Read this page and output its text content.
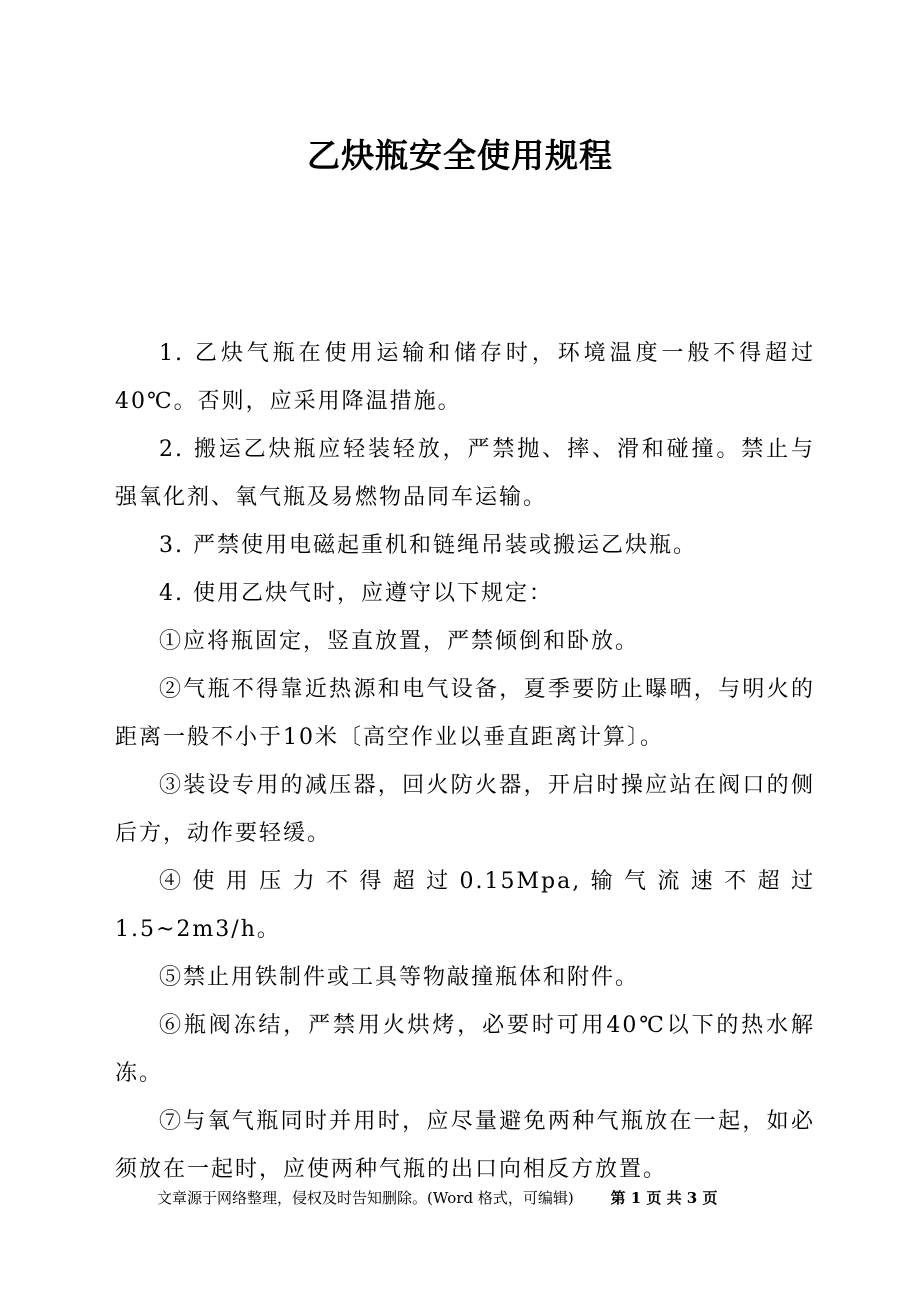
乙炔瓶安全使用规程

1. 乙炔气瓶在使用运输和储存时，环境温度一般不得超过40℃。否则，应采用降温措施。

2. 搬运乙炔瓶应轻装轻放，严禁抛、摔、滑和碰撞。禁止与强氧化剂、氧气瓶及易燃物品同车运输。

3. 严禁使用电磁起重机和链绳吊装或搬运乙炔瓶。

4. 使用乙炔气时，应遵守以下规定：

①应将瓶固定，竖直放置，严禁倾倒和卧放。

②气瓶不得靠近热源和电气设备，夏季要防止曝晒，与明火的距离一般不小于10米〔高空作业以垂直距离计算〕。

③装设专用的减压器，回火防火器，开启时操应站在阀口的侧后方，动作要轻缓。

④使用压力不得超过0.15Mpa,输气流速不超过1.5~2m3/h。

⑤禁止用铁制件或工具等物敲撞瓶体和附件。

⑥瓶阀冻结，严禁用火烘烤，必要时可用40℃以下的热水解冻。

⑦与氧气瓶同时并用时，应尽量避免两种气瓶放在一起，如必须放在一起时，应使两种气瓶的出口向相反方放置。

文章源于网络整理，侵权及时告知删除。(Word 格式，可编辑) 第 1 页 共 3 页
